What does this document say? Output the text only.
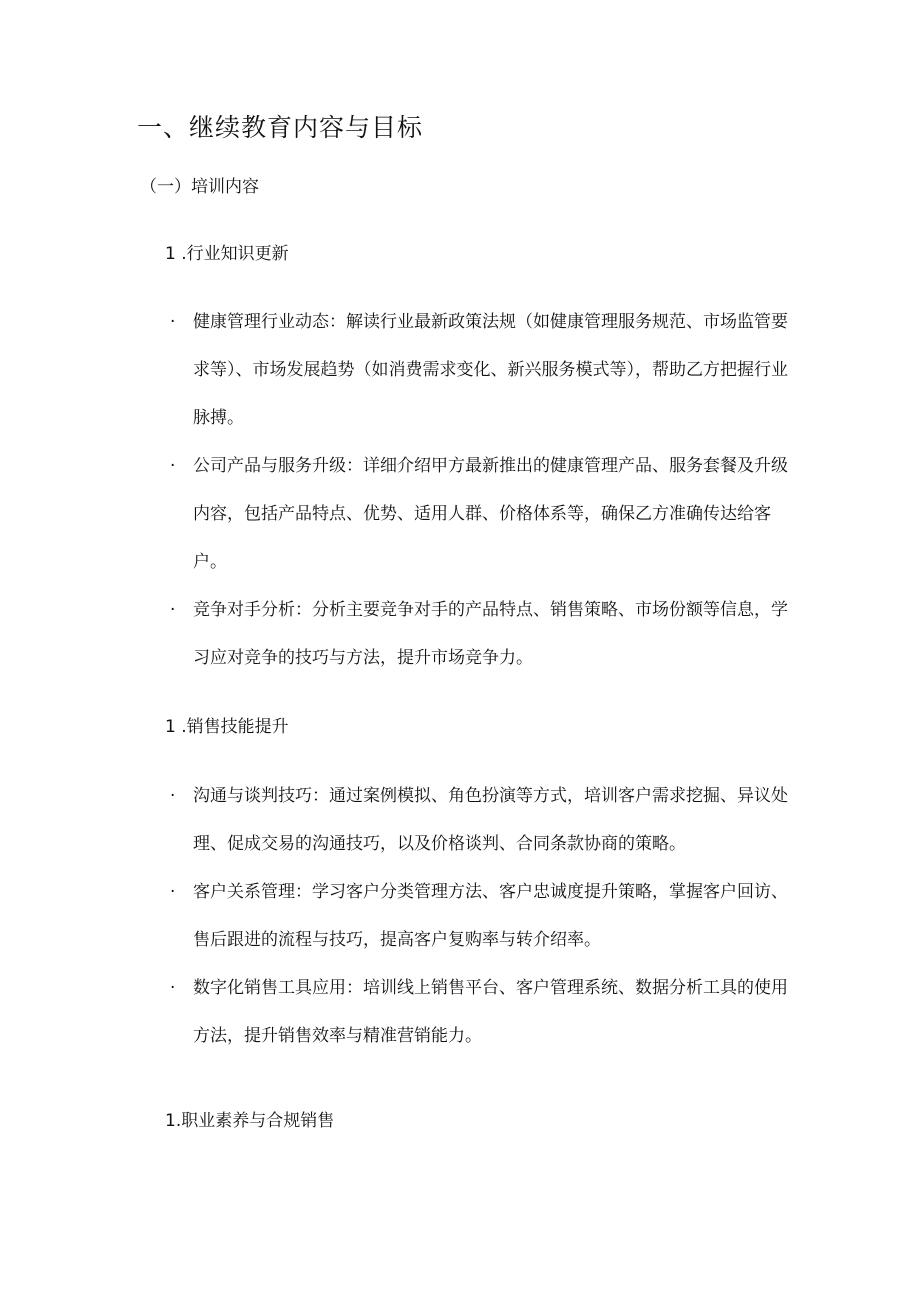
一、继续教育内容与目标
（一）培训内容
1 .行业知识更新
·	健康管理行业动态：解读行业最新政策法规（如健康管理服务规范、市场监管要求等）、市场发展趋势（如消费需求变化、新兴服务模式等），帮助乙方把握行业脉搏。
·	公司产品与服务升级：详细介绍甲方最新推出的健康管理产品、服务套餐及升级内容，包括产品特点、优势、适用人群、价格体系等，确保乙方准确传达给客户。
·	竞争对手分析：分析主要竞争对手的产品特点、销售策略、市场份额等信息，学习应对竞争的技巧与方法，提升市场竞争力。
1 .销售技能提升
·	沟通与谈判技巧：通过案例模拟、角色扮演等方式，培训客户需求挖掘、异议处理、促成交易的沟通技巧，以及价格谈判、合同条款协商的策略。
·	客户关系管理：学习客户分类管理方法、客户忠诚度提升策略，掌握客户回访、售后跟进的流程与技巧，提高客户复购率与转介绍率。
·	数字化销售工具应用：培训线上销售平台、客户管理系统、数据分析工具的使用方法，提升销售效率与精准营销能力。
1.职业素养与合规销售
